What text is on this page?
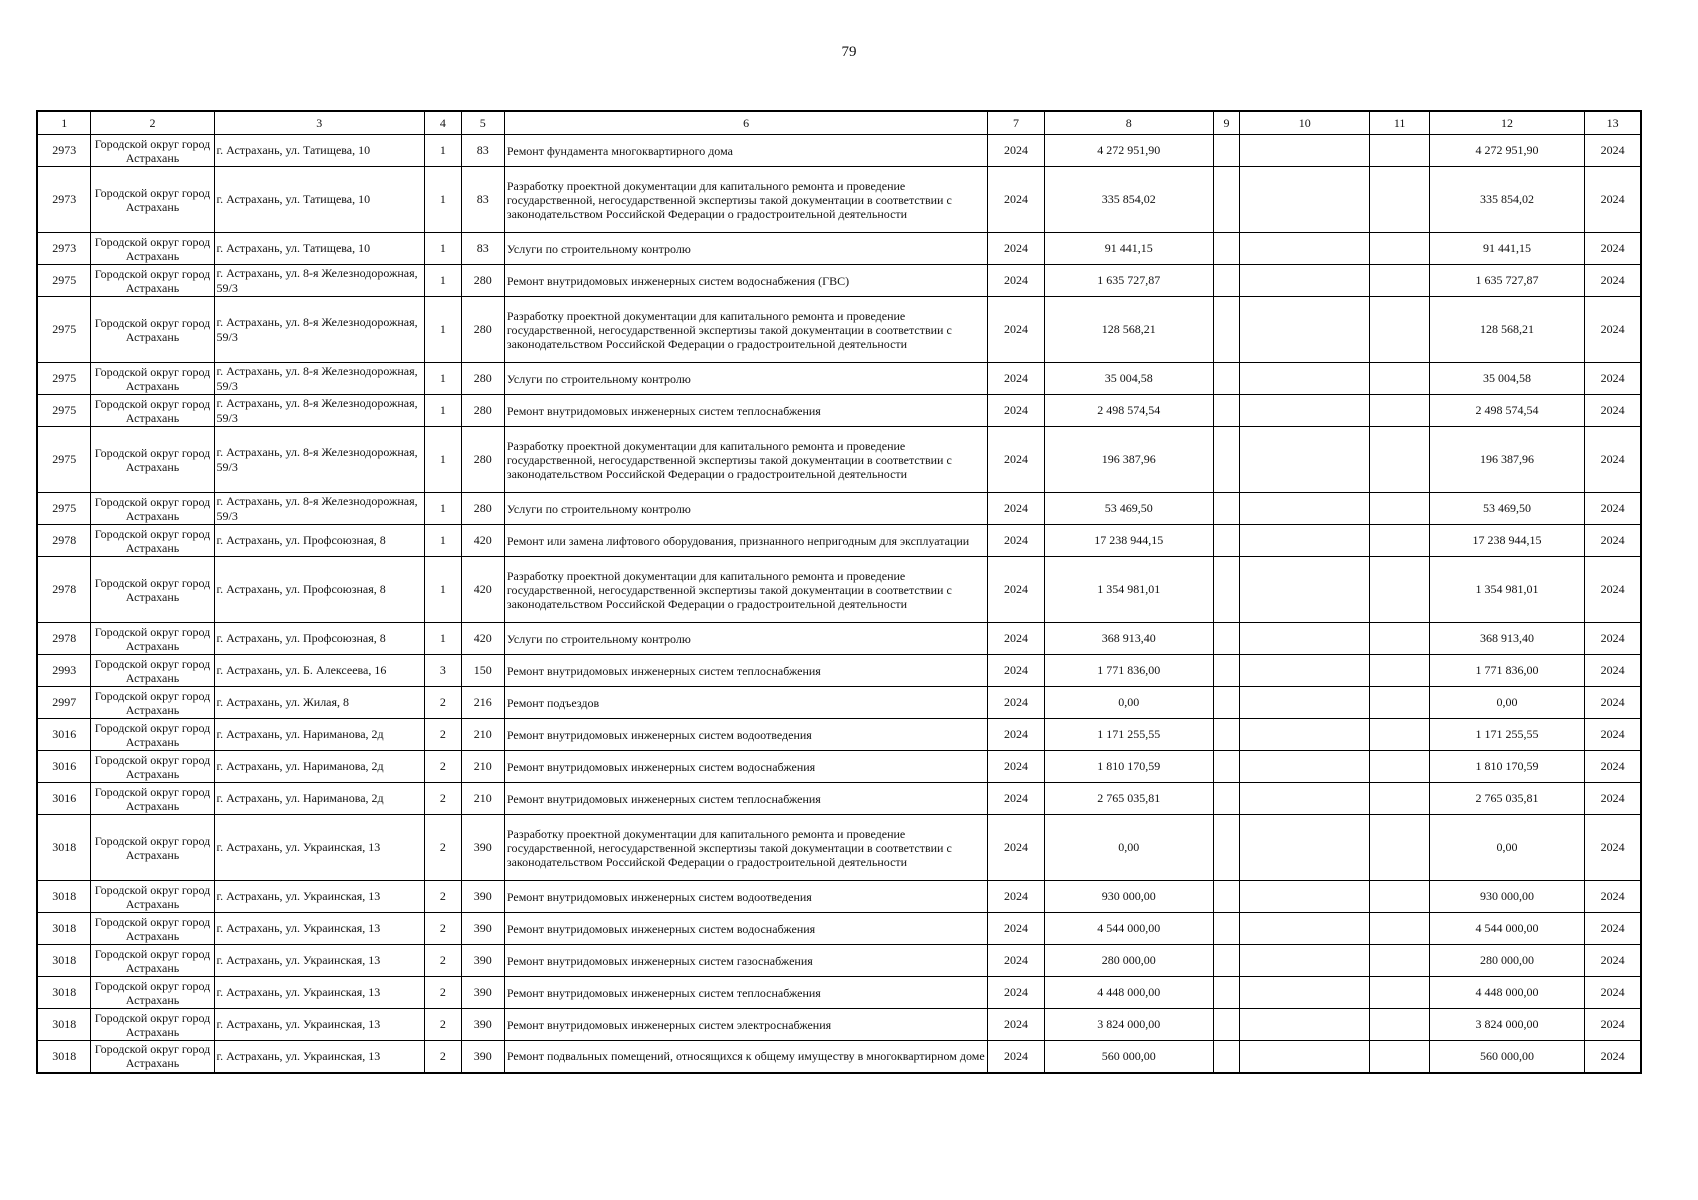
79
1	2	3	4	5	6	7	8	9	10	11	12	13
2973	Городской округ город Астрахань	г. Астрахань, ул. Татищева, 10	1	83	Ремонт фундамента многоквартирного дома	2024	4 272 951,90				4 272 951,90	2024
2973	Городской округ город Астрахань	г. Астрахань, ул. Татищева, 10	1	83	Разработку проектной документации для капитального ремонта и проведение государственной, негосударственной экспертизы такой документации в соответствии с законодательством Российской Федерации о градостроительной деятельности	2024	335 854,02				335 854,02	2024
2973	Городской округ город Астрахань	г. Астрахань, ул. Татищева, 10	1	83	Услуги по строительному контролю	2024	91 441,15				91 441,15	2024
2975	Городской округ город Астрахань	г. Астрахань, ул. 8-я Железнодорожная, 59/3	1	280	Ремонт внутридомовых инженерных систем водоснабжения (ГВС)	2024	1 635 727,87				1 635 727,87	2024
2975	Городской округ город Астрахань	г. Астрахань, ул. 8-я Железнодорожная, 59/3	1	280	Разработку проектной документации для капитального ремонта и проведение государственной, негосударственной экспертизы такой документации в соответствии с законодательством Российской Федерации о градостроительной деятельности	2024	128 568,21				128 568,21	2024
2975	Городской округ город Астрахань	г. Астрахань, ул. 8-я Железнодорожная, 59/3	1	280	Услуги по строительному контролю	2024	35 004,58				35 004,58	2024
2975	Городской округ город Астрахань	г. Астрахань, ул. 8-я Железнодорожная, 59/3	1	280	Ремонт внутридомовых инженерных систем теплоснабжения	2024	2 498 574,54				2 498 574,54	2024
2975	Городской округ город Астрахань	г. Астрахань, ул. 8-я Железнодорожная, 59/3	1	280	Разработку проектной документации для капитального ремонта и проведение государственной, негосударственной экспертизы такой документации в соответствии с законодательством Российской Федерации о градостроительной деятельности	2024	196 387,96				196 387,96	2024
2975	Городской округ город Астрахань	г. Астрахань, ул. 8-я Железнодорожная, 59/3	1	280	Услуги по строительному контролю	2024	53 469,50				53 469,50	2024
2978	Городской округ город Астрахань	г. Астрахань, ул. Профсоюзная, 8	1	420	Ремонт или замена лифтового оборудования, признанного непригодным для эксплуатации	2024	17 238 944,15				17 238 944,15	2024
2978	Городской округ город Астрахань	г. Астрахань, ул. Профсоюзная, 8	1	420	Разработку проектной документации для капитального ремонта и проведение государственной, негосударственной экспертизы такой документации в соответствии с законодательством Российской Федерации о градостроительной деятельности	2024	1 354 981,01				1 354 981,01	2024
2978	Городской округ город Астрахань	г. Астрахань, ул. Профсоюзная, 8	1	420	Услуги по строительному контролю	2024	368 913,40				368 913,40	2024
2993	Городской округ город Астрахань	г. Астрахань, ул. Б. Алексеева, 16	3	150	Ремонт внутридомовых инженерных систем теплоснабжения	2024	1 771 836,00				1 771 836,00	2024
2997	Городской округ город Астрахань	г. Астрахань, ул. Жилая, 8	2	216	Ремонт подъездов	2024	0,00				0,00	2024
3016	Городской округ город Астрахань	г. Астрахань, ул. Нариманова, 2д	2	210	Ремонт внутридомовых инженерных систем водоотведения	2024	1 171 255,55				1 171 255,55	2024
3016	Городской округ город Астрахань	г. Астрахань, ул. Нариманова, 2д	2	210	Ремонт внутридомовых инженерных систем водоснабжения	2024	1 810 170,59				1 810 170,59	2024
3016	Городской округ город Астрахань	г. Астрахань, ул. Нариманова, 2д	2	210	Ремонт внутридомовых инженерных систем теплоснабжения	2024	2 765 035,81				2 765 035,81	2024
3018	Городской округ город Астрахань	г. Астрахань, ул. Украинская, 13	2	390	Разработку проектной документации для капитального ремонта и проведение государственной, негосударственной экспертизы такой документации в соответствии с законодательством Российской Федерации о градостроительной деятельности	2024	0,00				0,00	2024
3018	Городской округ город Астрахань	г. Астрахань, ул. Украинская, 13	2	390	Ремонт внутридомовых инженерных систем водоотведения	2024	930 000,00				930 000,00	2024
3018	Городской округ город Астрахань	г. Астрахань, ул. Украинская, 13	2	390	Ремонт внутридомовых инженерных систем водоснабжения	2024	4 544 000,00				4 544 000,00	2024
3018	Городской округ город Астрахань	г. Астрахань, ул. Украинская, 13	2	390	Ремонт внутридомовых инженерных систем газоснабжения	2024	280 000,00				280 000,00	2024
3018	Городской округ город Астрахань	г. Астрахань, ул. Украинская, 13	2	390	Ремонт внутридомовых инженерных систем теплоснабжения	2024	4 448 000,00				4 448 000,00	2024
3018	Городской округ город Астрахань	г. Астрахань, ул. Украинская, 13	2	390	Ремонт внутридомовых инженерных систем электроснабжения	2024	3 824 000,00				3 824 000,00	2024
3018	Городской округ город Астрахань	г. Астрахань, ул. Украинская, 13	2	390	Ремонт подвальных помещений, относящихся к общему имуществу в многоквартирном доме	2024	560 000,00				560 000,00	2024
